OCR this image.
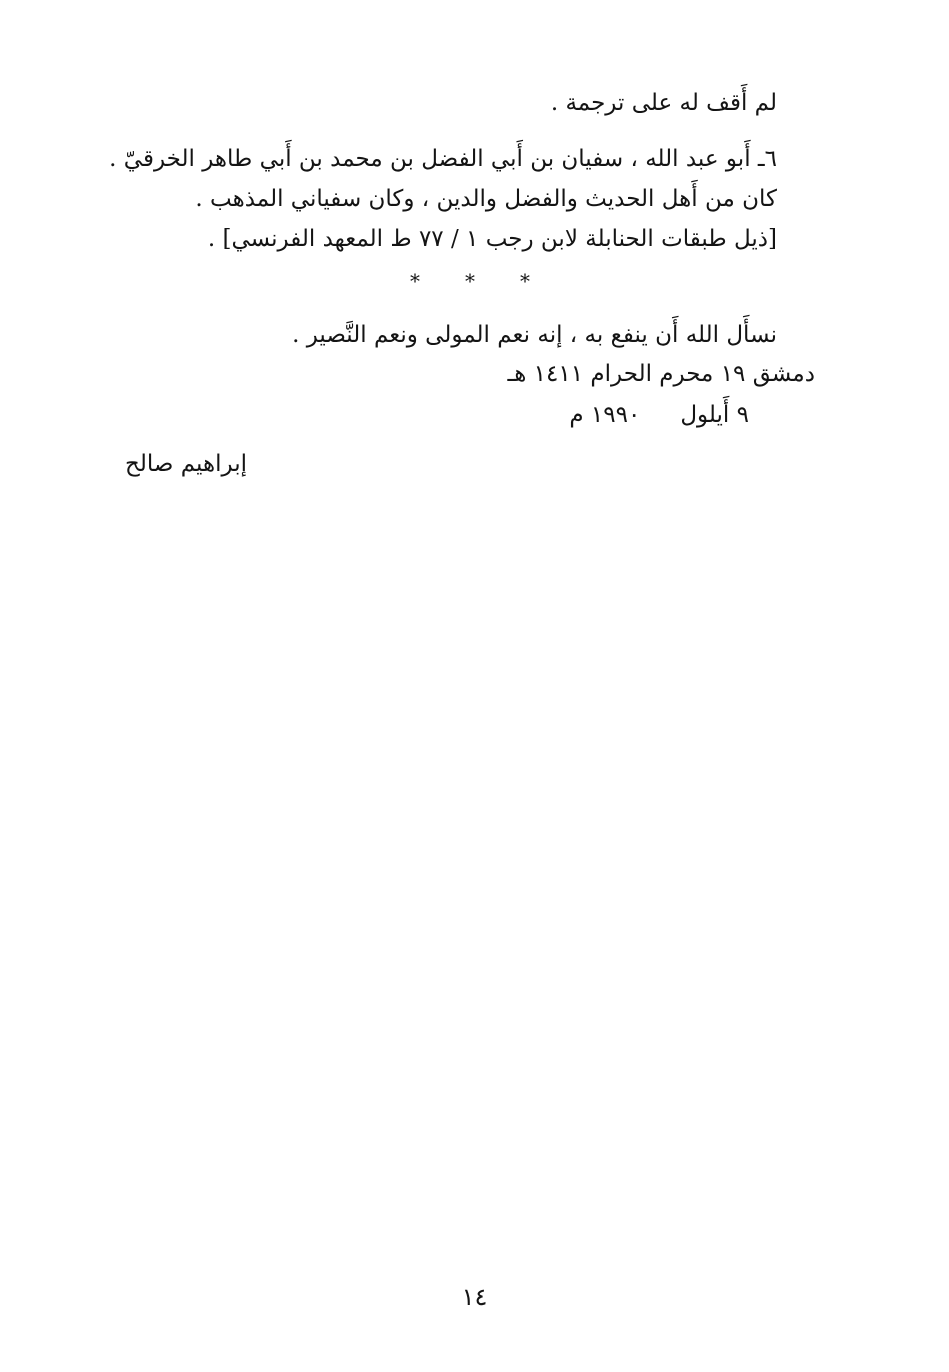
لم أَقف له على ترجمة .
٦ـ أَبو عبد الله ، سفيان بن أَبي الفضل بن محمد بن أَبي طاهر الخرقيّ .
كان من أَهل الحديث والفضل والدين ، وكان سفياني المذهب .
[ذيل طبقات الحنابلة لابن رجب ١ / ٧٧ ط المعهد الفرنسي] .
* * *
نسأَل الله أَن ينفع به ، إنه نعم المولى ونعم النَّصير .
دمشق ١٩ محرم الحرام ١٤١١ هـ
٩ أَيلول
١٩٩٠ م
إبراهيم صالح
١٤
